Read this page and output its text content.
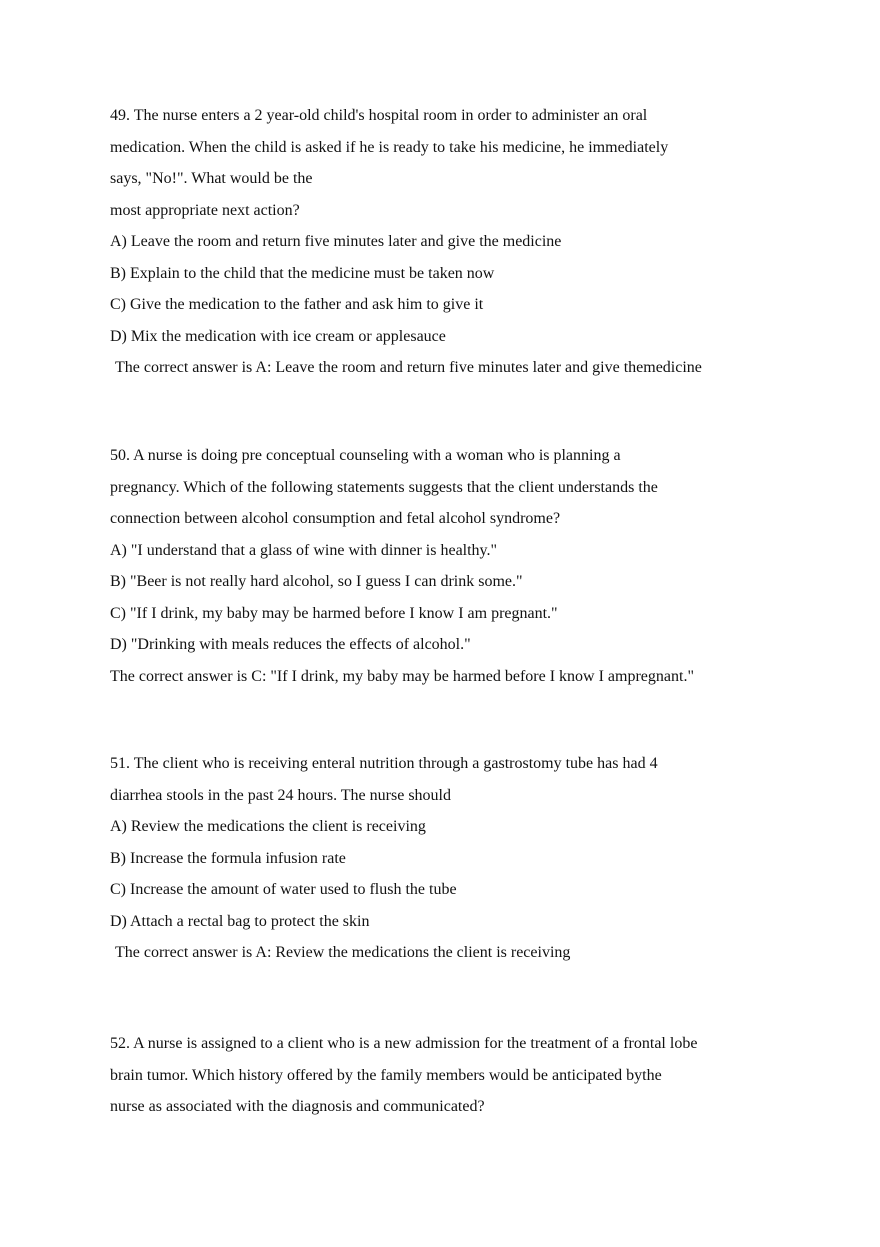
49. The nurse enters a 2 year-old child's hospital room in order to administer an oral
medication. When the child is asked if he is ready to take his medicine, he immediately
says, "No!". What would be the
most appropriate next action?
A) Leave the room and return five minutes later and give the medicine
B) Explain to the child that the medicine must be taken now
C) Give the medication to the father and ask him to give it
D) Mix the medication with ice cream or applesauce
The correct answer is A: Leave the room and return five minutes later and give themedicine
50. A nurse is doing pre conceptual counseling with a woman who is planning a
pregnancy. Which of the following statements suggests that the client understands the
connection between alcohol consumption and fetal alcohol syndrome?
A) "I understand that a glass of wine with dinner is healthy."
B) "Beer is not really hard alcohol, so I guess I can drink some."
C) "If I drink, my baby may be harmed before I know I am pregnant."
D) "Drinking with meals reduces the effects of alcohol."
The correct answer is C: "If I drink, my baby may be harmed before I know I ampregnant."
51. The client who is receiving enteral nutrition through a gastrostomy tube has had 4
diarrhea stools in the past 24 hours. The nurse should
A) Review the medications the client is receiving
B) Increase the formula infusion rate
C) Increase the amount of water used to flush the tube
D) Attach a rectal bag to protect the skin
The correct answer is A: Review the medications the client is receiving
52. A nurse is assigned to a client who is a new admission for the treatment of a frontal lobe
brain tumor. Which history offered by the family members would be anticipated bythe
nurse as associated with the diagnosis and communicated?
